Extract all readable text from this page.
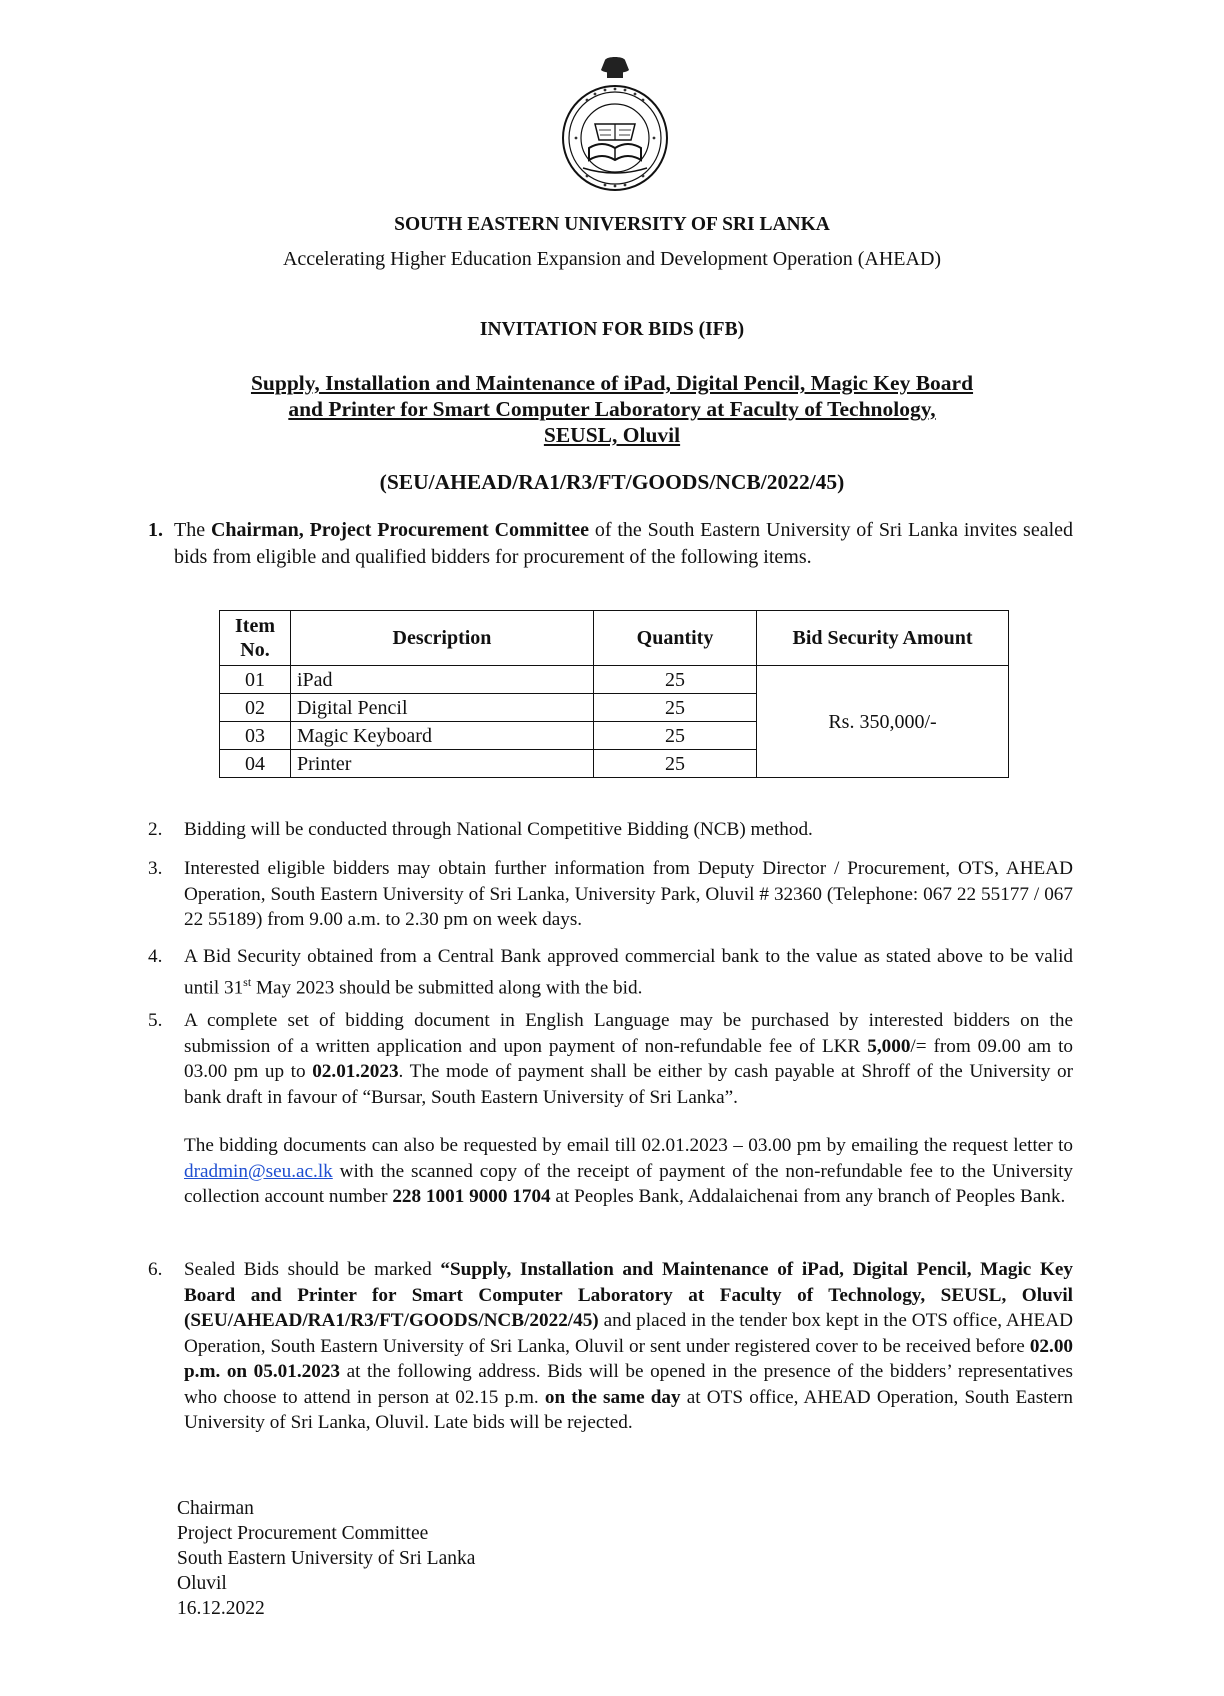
SOUTH EASTERN UNIVERSITY OF SRI LANKA
Accelerating Higher Education Expansion and Development Operation (AHEAD)
INVITATION FOR BIDS (IFB)
Supply, Installation and Maintenance of iPad, Digital Pencil, Magic Key Board
and Printer for Smart Computer Laboratory at Faculty of Technology,
SEUSL, Oluvil
(SEU/AHEAD/RA1/R3/FT/GOODS/NCB/2022/45)
1. The Chairman, Project Procurement Committee of the South Eastern University of Sri Lanka invites sealed bids from eligible and qualified bidders for procurement of the following items.
Item No.	Description	Quantity	Bid Security Amount
01	iPad	25	Rs. 350,000/-
02	Digital Pencil	25	
03	Magic Keyboard	25	
04	Printer	25	
2. Bidding will be conducted through National Competitive Bidding (NCB) method.
3. Interested eligible bidders may obtain further information from Deputy Director / Procurement, OTS, AHEAD Operation, South Eastern University of Sri Lanka, University Park, Oluvil # 32360 (Telephone: 067 22 55177 / 067 22 55189) from 9.00 a.m. to 2.30 pm on week days.
4. A Bid Security obtained from a Central Bank approved commercial bank to the value as stated above to be valid until 31st May 2023 should be submitted along with the bid.
5. A complete set of bidding document in English Language may be purchased by interested bidders on the submission of a written application and upon payment of non-refundable fee of LKR 5,000/= from 09.00 am to 03.00 pm up to 02.01.2023. The mode of payment shall be either by cash payable at Shroff of the University or bank draft in favour of “Bursar, South Eastern University of Sri Lanka”.
The bidding documents can also be requested by email till 02.01.2023 – 03.00 pm by emailing the request letter to dradmin@seu.ac.lk with the scanned copy of the receipt of payment of the non-refundable fee to the University collection account number 228 1001 9000 1704 at Peoples Bank, Addalaichenai from any branch of Peoples Bank.
6. Sealed Bids should be marked “Supply, Installation and Maintenance of iPad, Digital Pencil, Magic Key Board and Printer for Smart Computer Laboratory at Faculty of Technology, SEUSL, Oluvil (SEU/AHEAD/RA1/R3/FT/GOODS/NCB/2022/45) and placed in the tender box kept in the OTS office, AHEAD Operation, South Eastern University of Sri Lanka, Oluvil or sent under registered cover to be received before 02.00 p.m. on 05.01.2023 at the following address. Bids will be opened in the presence of the bidders’ representatives who choose to attend in person at 02.15 p.m. on the same day at OTS office, AHEAD Operation, South Eastern University of Sri Lanka, Oluvil. Late bids will be rejected.
Chairman
Project Procurement Committee
South Eastern University of Sri Lanka
Oluvil
16.12.2022
